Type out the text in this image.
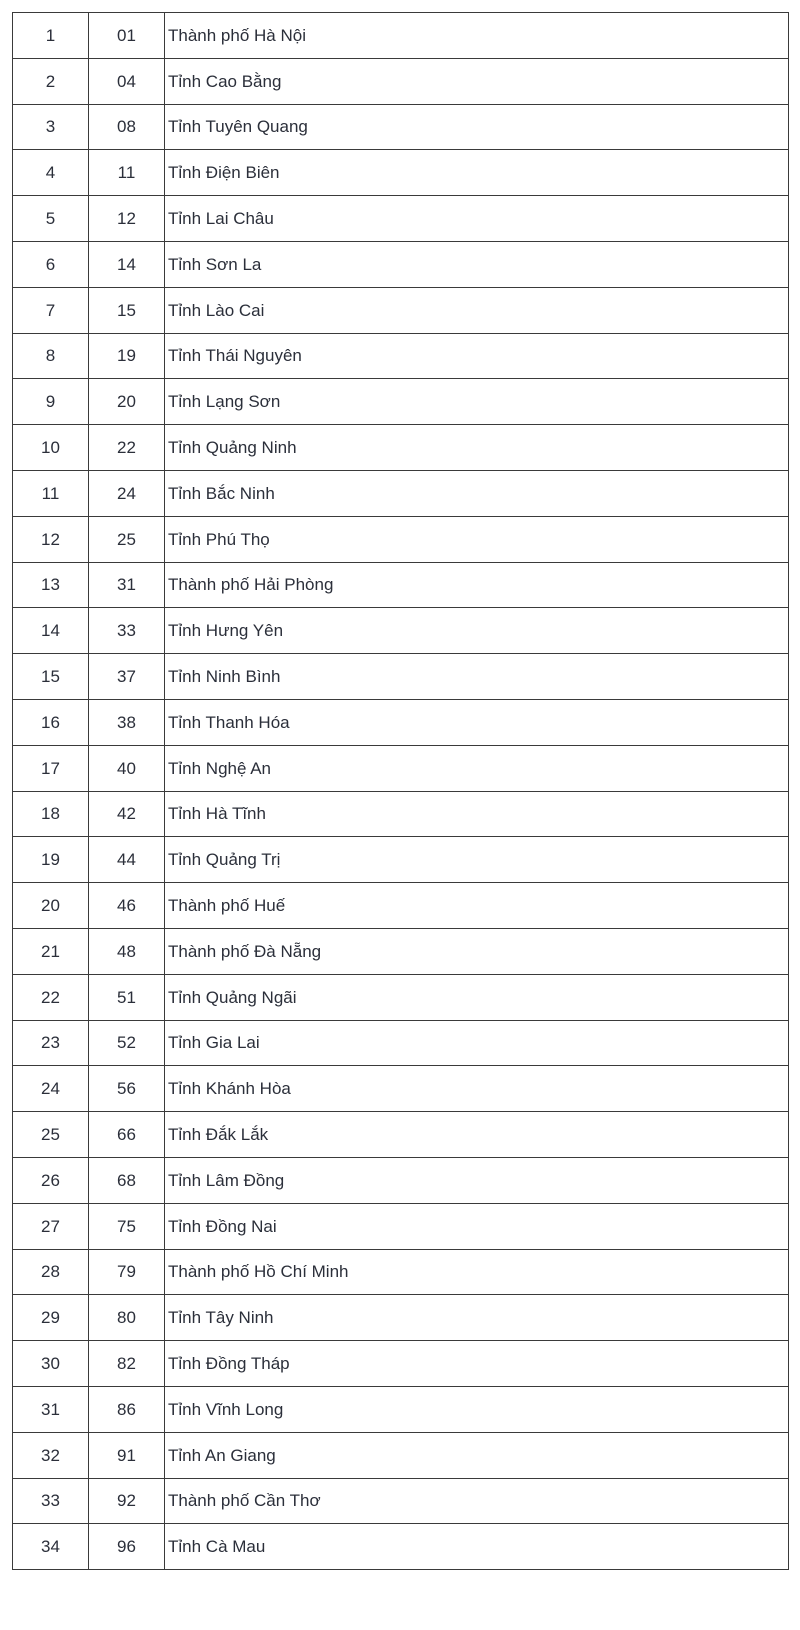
1	01	Thành phố Hà Nội
2	04	Tỉnh Cao Bằng
3	08	Tỉnh Tuyên Quang
4	11	Tỉnh Điện Biên
5	12	Tỉnh Lai Châu
6	14	Tỉnh Sơn La
7	15	Tỉnh Lào Cai
8	19	Tỉnh Thái Nguyên
9	20	Tỉnh Lạng Sơn
10	22	Tỉnh Quảng Ninh
11	24	Tỉnh Bắc Ninh
12	25	Tỉnh Phú Thọ
13	31	Thành phố Hải Phòng
14	33	Tỉnh Hưng Yên
15	37	Tỉnh Ninh Bình
16	38	Tỉnh Thanh Hóa
17	40	Tỉnh Nghệ An
18	42	Tỉnh Hà Tĩnh
19	44	Tỉnh Quảng Trị
20	46	Thành phố Huế
21	48	Thành phố Đà Nẵng
22	51	Tỉnh Quảng Ngãi
23	52	Tỉnh Gia Lai
24	56	Tỉnh Khánh Hòa
25	66	Tỉnh Đắk Lắk
26	68	Tỉnh Lâm Đồng
27	75	Tỉnh Đồng Nai
28	79	Thành phố Hồ Chí Minh
29	80	Tỉnh Tây Ninh
30	82	Tỉnh Đồng Tháp
31	86	Tỉnh Vĩnh Long
32	91	Tỉnh An Giang
33	92	Thành phố Cần Thơ
34	96	Tỉnh Cà Mau
